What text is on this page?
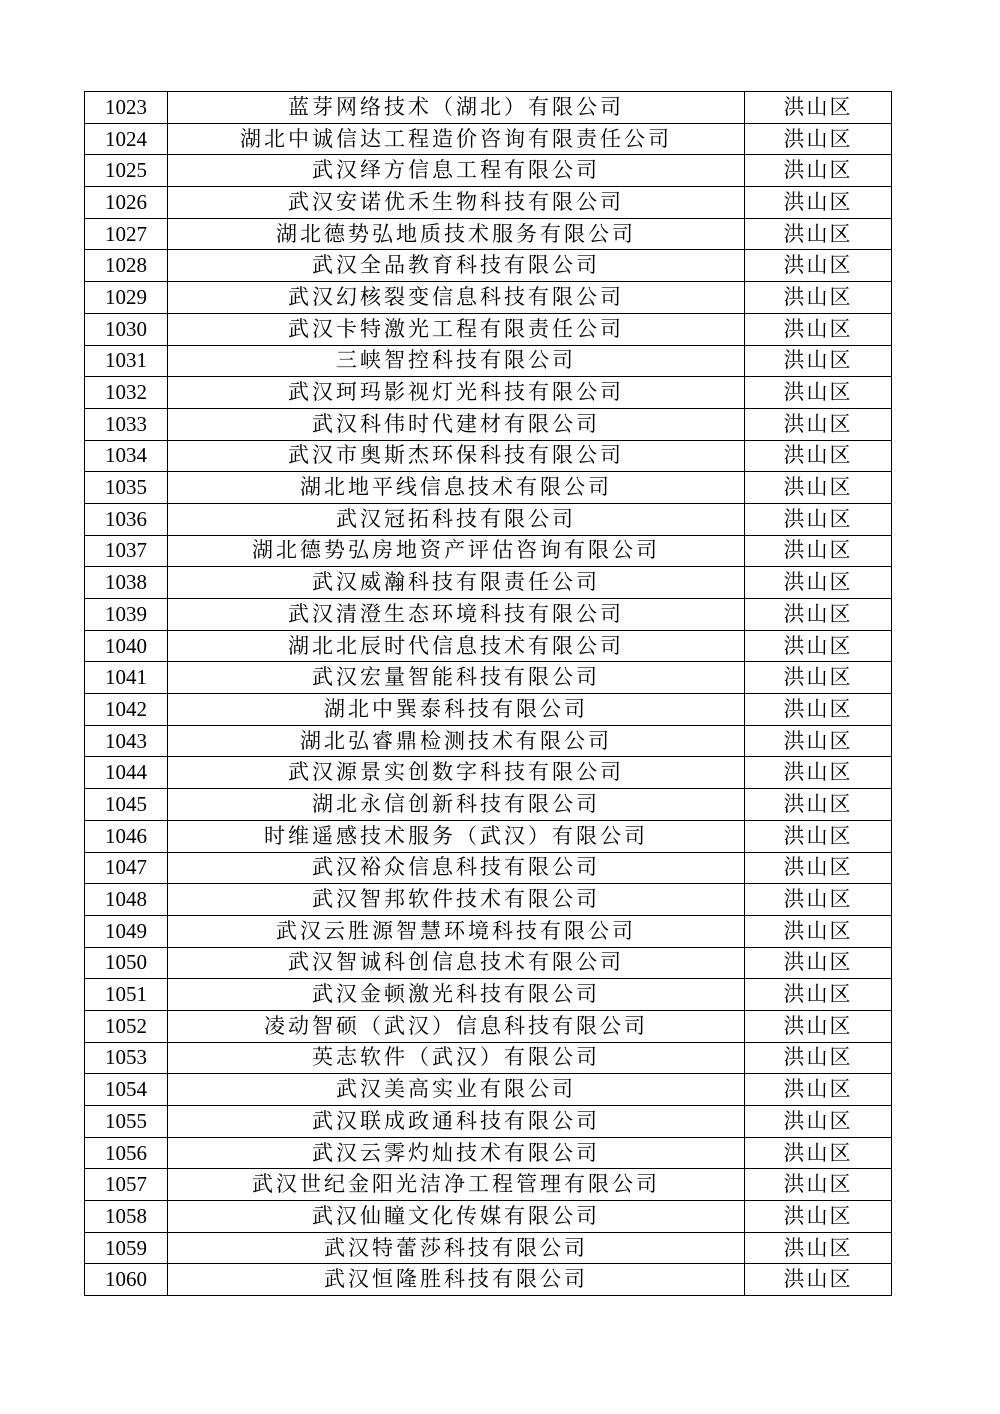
1023	蓝芽网络技术（湖北）有限公司	洪山区
1024	湖北中诚信达工程造价咨询有限责任公司	洪山区
1025	武汉绎方信息工程有限公司	洪山区
1026	武汉安诺优禾生物科技有限公司	洪山区
1027	湖北德势弘地质技术服务有限公司	洪山区
1028	武汉全品教育科技有限公司	洪山区
1029	武汉幻核裂变信息科技有限公司	洪山区
1030	武汉卡特激光工程有限责任公司	洪山区
1031	三峡智控科技有限公司	洪山区
1032	武汉珂玛影视灯光科技有限公司	洪山区
1033	武汉科伟时代建材有限公司	洪山区
1034	武汉市奥斯杰环保科技有限公司	洪山区
1035	湖北地平线信息技术有限公司	洪山区
1036	武汉冠拓科技有限公司	洪山区
1037	湖北德势弘房地资产评估咨询有限公司	洪山区
1038	武汉威瀚科技有限责任公司	洪山区
1039	武汉清澄生态环境科技有限公司	洪山区
1040	湖北北辰时代信息技术有限公司	洪山区
1041	武汉宏量智能科技有限公司	洪山区
1042	湖北中巽泰科技有限公司	洪山区
1043	湖北弘睿鼎检测技术有限公司	洪山区
1044	武汉源景实创数字科技有限公司	洪山区
1045	湖北永信创新科技有限公司	洪山区
1046	时维遥感技术服务（武汉）有限公司	洪山区
1047	武汉裕众信息科技有限公司	洪山区
1048	武汉智邦软件技术有限公司	洪山区
1049	武汉云胜源智慧环境科技有限公司	洪山区
1050	武汉智诚科创信息技术有限公司	洪山区
1051	武汉金顿激光科技有限公司	洪山区
1052	凌动智硕（武汉）信息科技有限公司	洪山区
1053	英志软件（武汉）有限公司	洪山区
1054	武汉美高实业有限公司	洪山区
1055	武汉联成政通科技有限公司	洪山区
1056	武汉云霁灼灿技术有限公司	洪山区
1057	武汉世纪金阳光洁净工程管理有限公司	洪山区
1058	武汉仙瞳文化传媒有限公司	洪山区
1059	武汉特蕾莎科技有限公司	洪山区
1060	武汉恒隆胜科技有限公司	洪山区
